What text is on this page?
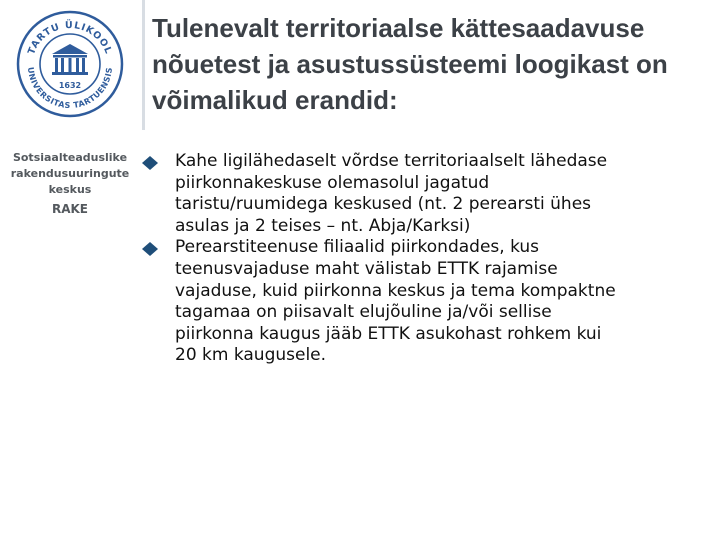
TARTU ÜLIKOOL
UNIVERSITAS TARTUENSIS
1632
Sotsiaalteaduslike
rakendusuuringute
keskus
RAKE
Tulenevalt territoriaalse kättesaadavuse
nõuetest ja asustussüsteemi loogikast on
võimalikud erandid:
Kahe ligilähedaselt võrdse territoriaalselt lähedase
piirkonnakeskuse olemasolul jagatud
taristu/ruumidega keskused (nt. 2 perearsti ühes
asulas ja 2 teises – nt. Abja/Karksi)
Perearstiteenuse filiaalid piirkondades, kus
teenusvajaduse maht välistab ETTK rajamise
vajaduse, kuid piirkonna keskus ja tema kompaktne
tagamaa on piisavalt elujõuline ja/või sellise
piirkonna kaugus jääb ETTK asukohast rohkem kui
20 km kaugusele.
